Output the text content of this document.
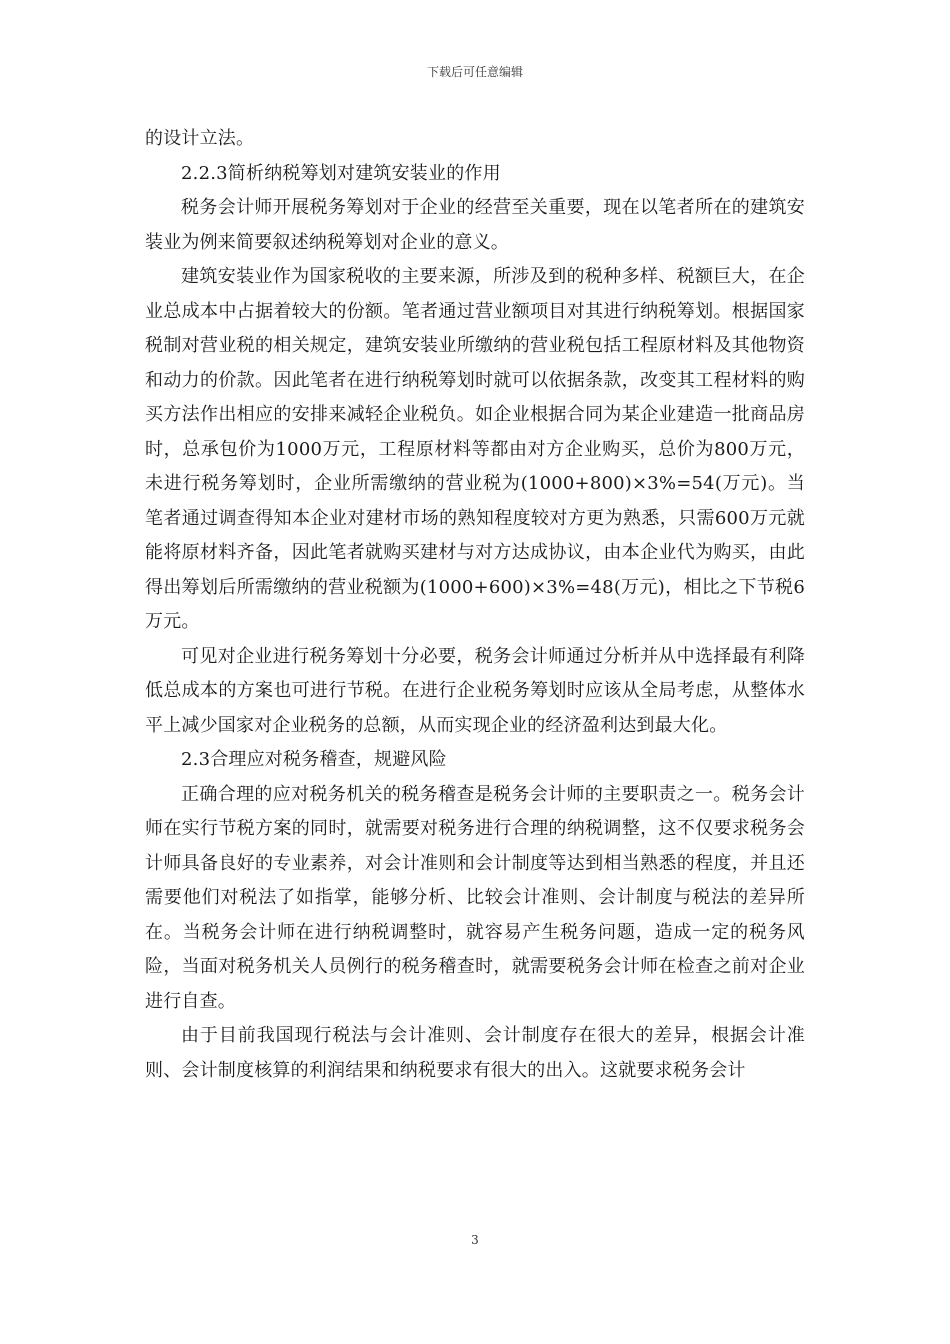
下载后可任意编辑

的设计立法。

2.2.3简析纳税筹划对建筑安装业的作用

税务会计师开展税务筹划对于企业的经营至关重要，现在以笔者所在的建筑安装业为例来简要叙述纳税筹划对企业的意义。

建筑安装业作为国家税收的主要来源，所涉及到的税种多样、税额巨大，在企业总成本中占据着较大的份额。笔者通过营业额项目对其进行纳税筹划。根据国家税制对营业税的相关规定，建筑安装业所缴纳的营业税包括工程原材料及其他物资和动力的价款。因此笔者在进行纳税筹划时就可以依据条款，改变其工程材料的购买方法作出相应的安排来减轻企业税负。如企业根据合同为某企业建造一批商品房时，总承包价为1000万元，工程原材料等都由对方企业购买，总价为800万元，未进行税务筹划时，企业所需缴纳的营业税为(1000+800)×3%=54(万元)。当笔者通过调查得知本企业对建材市场的熟知程度较对方更为熟悉，只需600万元就能将原材料齐备，因此笔者就购买建材与对方达成协议，由本企业代为购买，由此得出筹划后所需缴纳的营业税额为(1000+600)×3%=48(万元)，相比之下节税6万元。

可见对企业进行税务筹划十分必要，税务会计师通过分析并从中选择最有利降低总成本的方案也可进行节税。在进行企业税务筹划时应该从全局考虑，从整体水平上减少国家对企业税务的总额，从而实现企业的经济盈利达到最大化。

2.3合理应对税务稽查，规避风险

正确合理的应对税务机关的税务稽查是税务会计师的主要职责之一。税务会计师在实行节税方案的同时，就需要对税务进行合理的纳税调整，这不仅要求税务会计师具备良好的专业素养，对会计准则和会计制度等达到相当熟悉的程度，并且还需要他们对税法了如指掌，能够分析、比较会计准则、会计制度与税法的差异所在。当税务会计师在进行纳税调整时，就容易产生税务问题，造成一定的税务风险，当面对税务机关人员例行的税务稽查时，就需要税务会计师在检查之前对企业进行自查。

由于目前我国现行税法与会计准则、会计制度存在很大的差异，根据会计准则、会计制度核算的利润结果和纳税要求有很大的出入。这就要求税务会计

3
